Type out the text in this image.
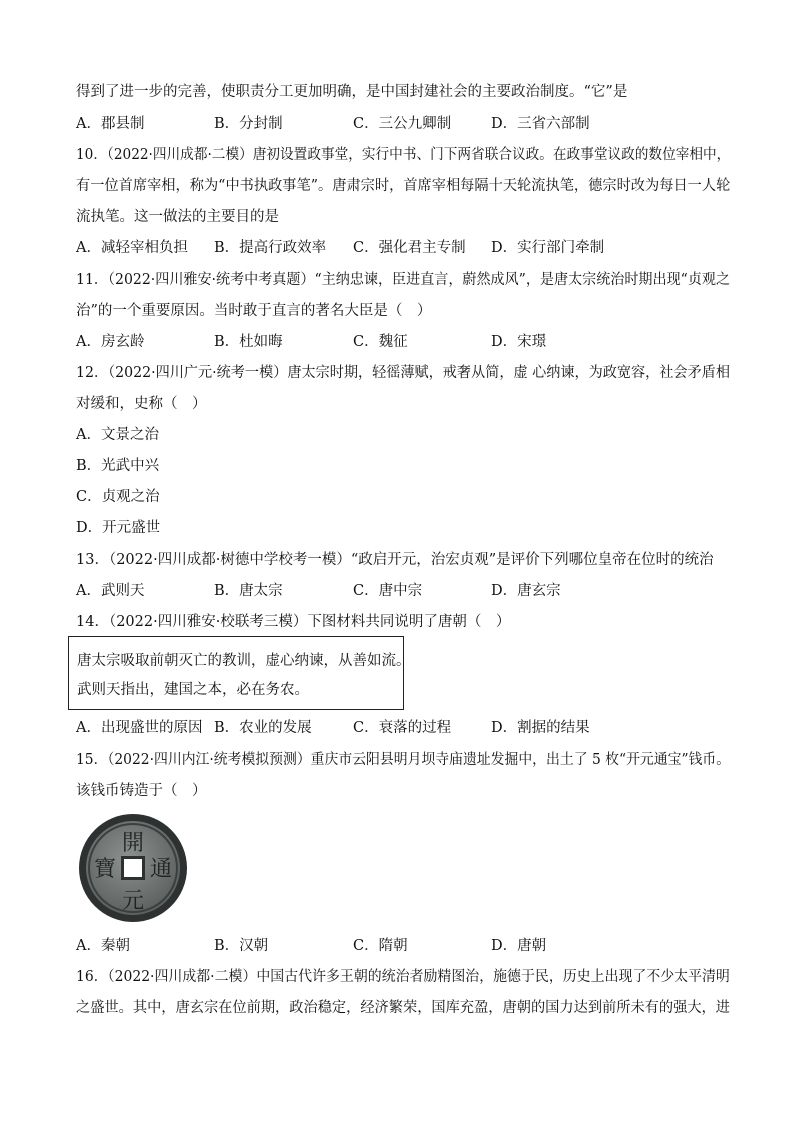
得到了进一步的完善，使职责分工更加明确，是中国封建社会的主要政治制度。“它”是
A．郡县制	B．分封制	C．三公九卿制	D．三省六部制
10．（2022·四川成都·二模）唐初设置政事堂，实行中书、门下两省联合议政。在政事堂议政的数位宰相中，
有一位首席宰相，称为“中书执政事笔”。唐肃宗时，首席宰相每隔十天轮流执笔，德宗时改为每日一人轮
流执笔。这一做法的主要目的是
A．减轻宰相负担 B．提高行政效率 C．强化君主专制 D．实行部门牵制
11．（2022·四川雅安·统考中考真题）“主纳忠谏，臣进直言，蔚然成风”，是唐太宗统治时期出现“贞观之
治”的一个重要原因。当时敢于直言的著名大臣是（　）
A．房玄龄	B．杜如晦	C．魏征	D．宋璟
12．（2022·四川广元·统考一模）唐太宗时期，轻徭薄赋，戒奢从简，虚 心纳谏，为政宽容，社会矛盾相
对缓和，史称（　）
A．文景之治
B．光武中兴
C．贞观之治
D．开元盛世
13．（2022·四川成都·树德中学校考一模）“政启开元，治宏贞观”是评价下列哪位皇帝在位时的统治
A．武则天	B．唐太宗	C．唐中宗	D．唐玄宗
14．（2022·四川雅安·校联考三模）下图材料共同说明了唐朝（　）
唐太宗吸取前朝灭亡的教训，虚心纳谏，从善如流。
武则天指出，建国之本，必在务农。
A．出现盛世的原因 B．农业的发展	C．衰落的过程	D．割据的结果
15．（2022·四川内江·统考模拟预测）重庆市云阳县明月坝寺庙遗址发掘中，出土了 5 枚“开元通宝”钱币。
该钱币铸造于（　）
開
元
通
寶
A．秦朝	B．汉朝	C．隋朝	D．唐朝
16．（2022·四川成都·二模）中国古代许多王朝的统治者励精图治，施德于民，历史上出现了不少太平清明
之盛世。其中，唐玄宗在位前期，政治稳定，经济繁荣，国库充盈，唐朝的国力达到前所未有的强大，进
